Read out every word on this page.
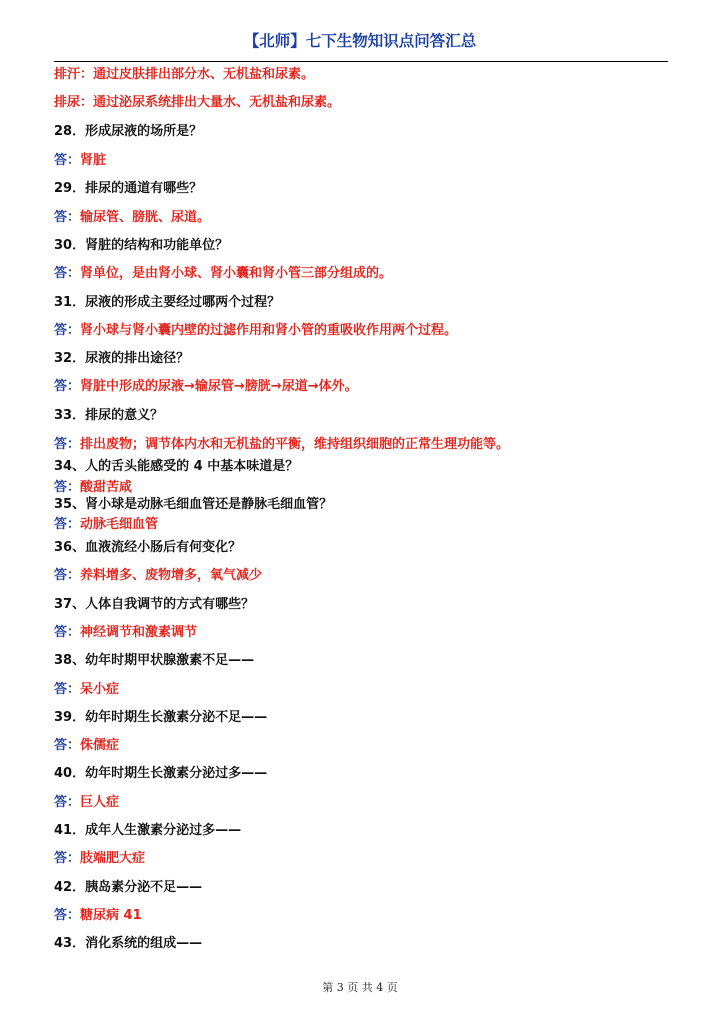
【北师】七下生物知识点问答汇总
排汗：通过皮肤排出部分水、无机盐和尿素。
排尿：通过泌尿系统排出大量水、无机盐和尿素。
28．形成尿液的场所是？
答：肾脏
29．排尿的通道有哪些？
答：输尿管、膀胱、尿道。
30．肾脏的结构和功能单位？
答：肾单位，是由肾小球、肾小囊和肾小管三部分组成的。
31．尿液的形成主要经过哪两个过程？
答：肾小球与肾小囊内壁的过滤作用和肾小管的重吸收作用两个过程。
32．尿液的排出途径？
答：肾脏中形成的尿液→输尿管→膀胱→尿道→体外。
33．排尿的意义？
答：排出废物；调节体内水和无机盐的平衡，维持组织细胞的正常生理功能等。
34、人的舌头能感受的 4 中基本味道是？
答：酸甜苦咸
35、肾小球是动脉毛细血管还是静脉毛细血管？
答：动脉毛细血管
36、血液流经小肠后有何变化？
答：养料增多、废物增多，氧气减少
37、人体自我调节的方式有哪些？
答：神经调节和激素调节
38、幼年时期甲状腺激素不足——
答：呆小症
39．幼年时期生长激素分泌不足——
答：侏儒症
40．幼年时期生长激素分泌过多——
答：巨人症
41．成年人生激素分泌过多——
答：肢端肥大症
42．胰岛素分泌不足——
答：糖尿病 41
43．消化系统的组成——
第 3 页 共 4 页
